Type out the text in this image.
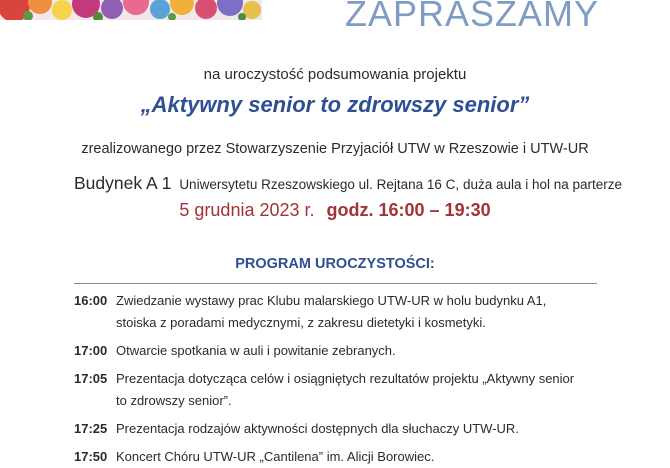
ZAPRASZAMY
na uroczystość podsumowania projektu
„Aktywny senior to zdrowszy senior”
zrealizowanego przez Stowarzyszenie Przyjaciół UTW w Rzeszowie i UTW-UR
Budynek A 1 Uniwersytetu Rzeszowskiego ul. Rejtana 16 C, duża aula i hol na parterze
5 grudnia 2023 r. godz. 16:00 – 19:30
PROGRAM UROCZYSTOŚCI:
16:00 Zwiedzanie wystawy prac Klubu malarskiego UTW-UR w holu budynku A1,
stoiska z poradami medycznymi, z zakresu dietetyki i kosmetyki.
17:00 Otwarcie spotkania w auli i powitanie zebranych.
17:05 Prezentacja dotycząca celów i osiągniętych rezultatów projektu „Aktywny senior
to zdrowszy senior”.
17:25 Prezentacja rodzajów aktywności dostępnych dla słuchaczy UTW-UR.
17:50 Koncert Chóru UTW-UR „Cantilena” im. Alicji Borowiec.
